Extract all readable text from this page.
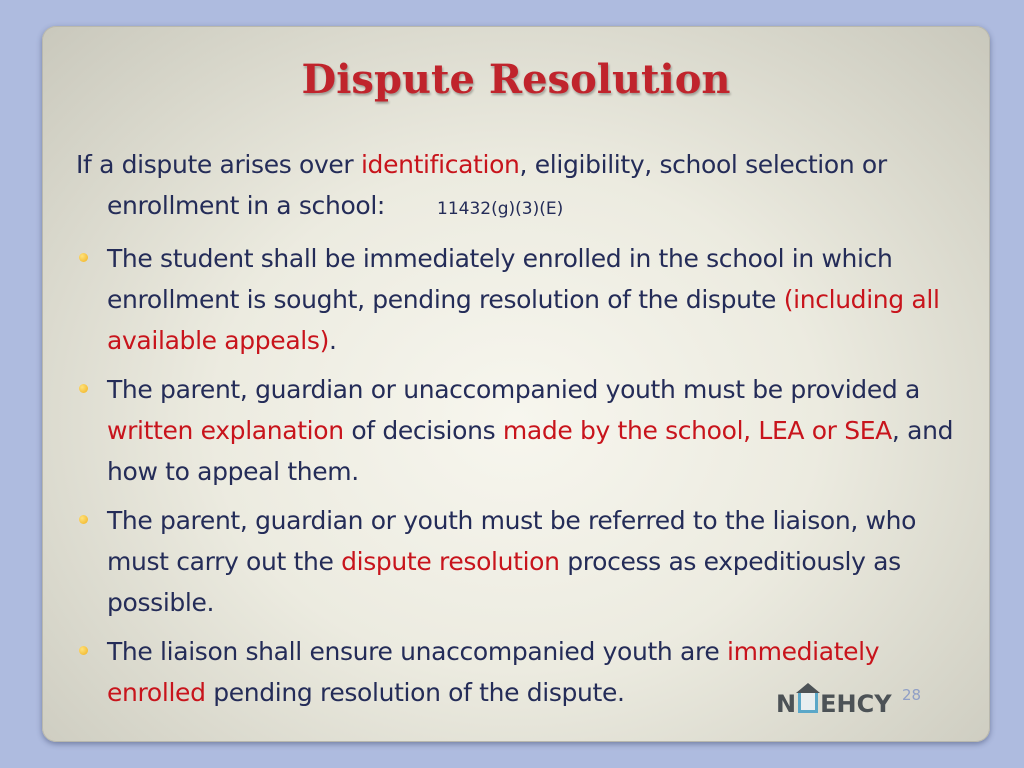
Dispute Resolution

If a dispute arises over identification, eligibility, school selection or enrollment in a school:	11432(g)(3)(E)

The student shall be immediately enrolled in the school in which enrollment is sought, pending resolution of the dispute (including all available appeals).
The parent, guardian or unaccompanied youth must be provided a written explanation of decisions made by the school, LEA or SEA, and how to appeal them.
The parent, guardian or youth must be referred to the liaison, who must carry out the dispute resolution process as expeditiously as possible.
The liaison shall ensure unaccompanied youth are immediately enrolled pending resolution of the dispute.	N EHCY 28
